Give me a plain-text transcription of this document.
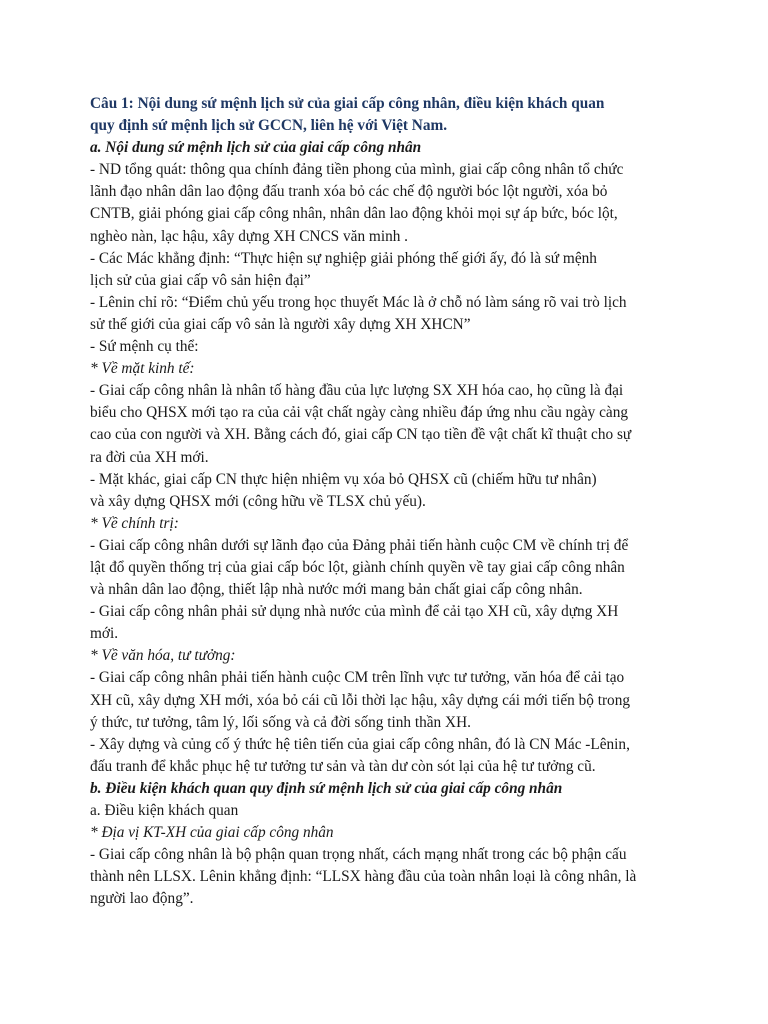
Câu 1: Nội dung sứ mệnh lịch sử của giai cấp công nhân, điều kiện khách quan
quy định sứ mệnh lịch sử GCCN, liên hệ với Việt Nam.
a. Nội dung sứ mệnh lịch sử của giai cấp công nhân
- ND tổng quát: thông qua chính đảng tiền phong của mình, giai cấp công nhân tổ chức
lãnh đạo nhân dân lao động đấu tranh xóa bỏ các chế độ người bóc lột người, xóa bỏ
CNTB, giải phóng giai cấp công nhân, nhân dân lao động khỏi mọi sự áp bức, bóc lột,
nghèo nàn, lạc hậu, xây dựng XH CNCS văn minh .
- Các Mác khẳng định: “Thực hiện sự nghiệp giải phóng thế giới ấy, đó là sứ mệnh
lịch sử của giai cấp vô sản hiện đại”
- Lênin chỉ rõ: “Điểm chủ yếu trong học thuyết Mác là ở chỗ nó làm sáng rõ vai trò lịch
sử thế giới của giai cấp vô sản là người xây dựng XH XHCN”
- Sứ mệnh cụ thể:
* Về mặt kinh tế:
- Giai cấp công nhân là nhân tố hàng đầu của lực lượng SX XH hóa cao, họ cũng là đại
biểu cho QHSX mới tạo ra của cải vật chất ngày càng nhiều đáp ứng nhu cầu ngày càng
cao của con người và XH. Bằng cách đó, giai cấp CN tạo tiền đề vật chất kĩ thuật cho sự
ra đời của XH mới.
- Mặt khác, giai cấp CN thực hiện nhiệm vụ xóa bỏ QHSX cũ (chiếm hữu tư nhân)
và xây dựng QHSX mới (công hữu về TLSX chủ yếu).
* Về chính trị:
- Giai cấp công nhân dưới sự lãnh đạo của Đảng phải tiến hành cuộc CM về chính trị để
lật đổ quyền thống trị của giai cấp bóc lột, giành chính quyền về tay giai cấp công nhân
và nhân dân lao động, thiết lập nhà nước mới mang bản chất giai cấp công nhân.
- Giai cấp công nhân phải sử dụng nhà nước của mình để cải tạo XH cũ, xây dựng XH
mới.
* Về văn hóa, tư tưởng:
- Giai cấp công nhân phải tiến hành cuộc CM trên lĩnh vực tư tưởng, văn hóa để cải tạo
XH cũ, xây dựng XH mới, xóa bỏ cái cũ lỗi thời lạc hậu, xây dựng cái mới tiến bộ trong
ý thức, tư tưởng, tâm lý, lối sống và cả đời sống tinh thần XH.
- Xây dựng và củng cố ý thức hệ tiên tiến của giai cấp công nhân, đó là CN Mác -Lênin,
đấu tranh để khắc phục hệ tư tưởng tư sản và tàn dư còn sót lại của hệ tư tưởng cũ.
b. Điều kiện khách quan quy định sứ mệnh lịch sử của giai cấp công nhân
a. Điều kiện khách quan
* Địa vị KT-XH của giai cấp công nhân
- Giai cấp công nhân là bộ phận quan trọng nhất, cách mạng nhất trong các bộ phận cấu
thành nên LLSX. Lênin khẳng định: “LLSX hàng đầu của toàn nhân loại là công nhân, là
người lao động”.
